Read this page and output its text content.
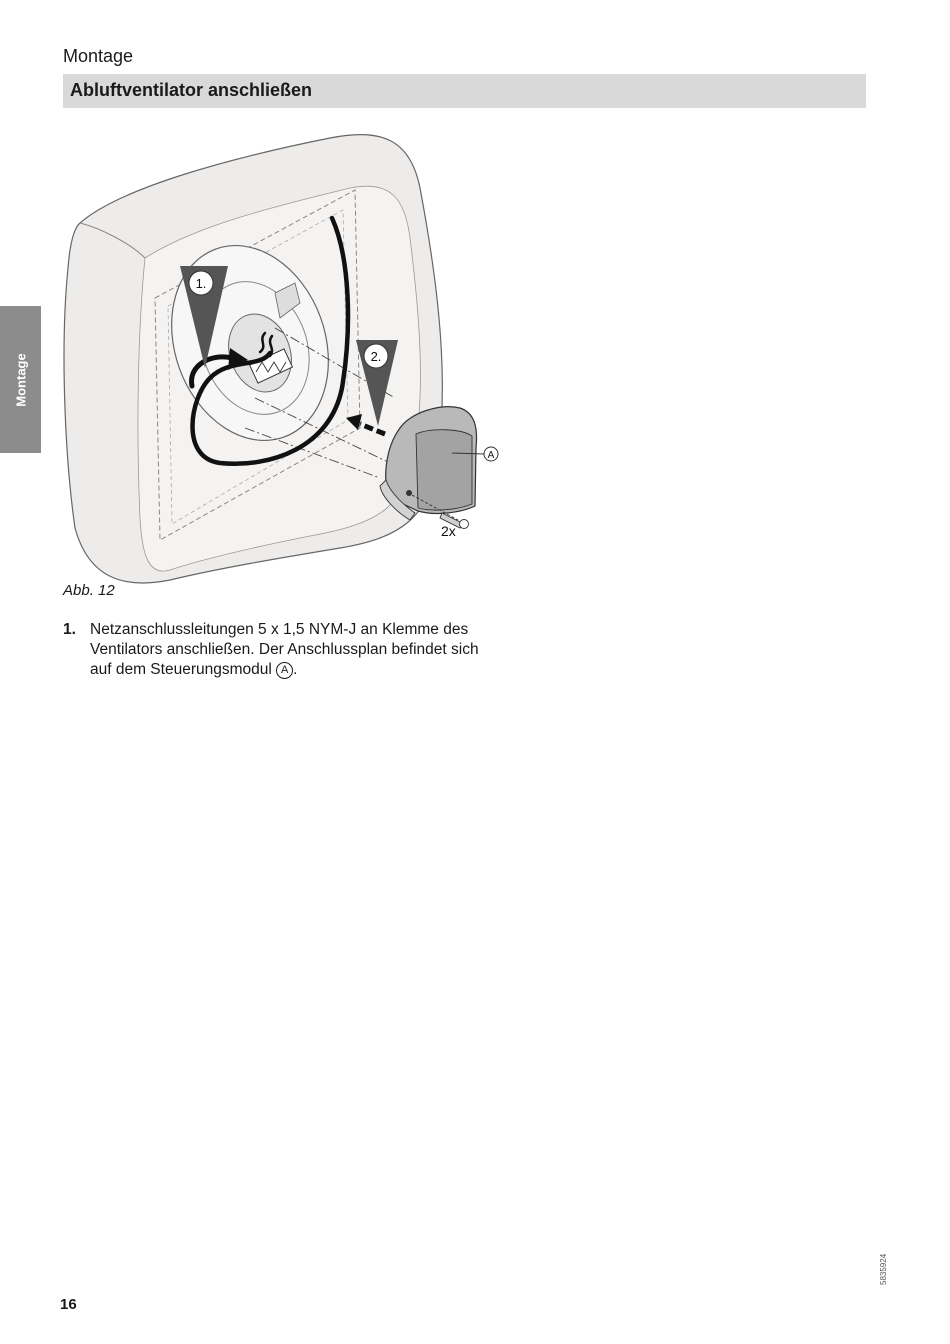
Montage
Abluftventilator anschließen
Montage
1.
2.
2x
A
Abb. 12
1. Netzanschlussleitungen 5 x 1,5 NYM-J an Klemme des Ventilators anschließen. Der Anschlussplan befindet sich auf dem Steuerungsmodul A .
16
5835924
